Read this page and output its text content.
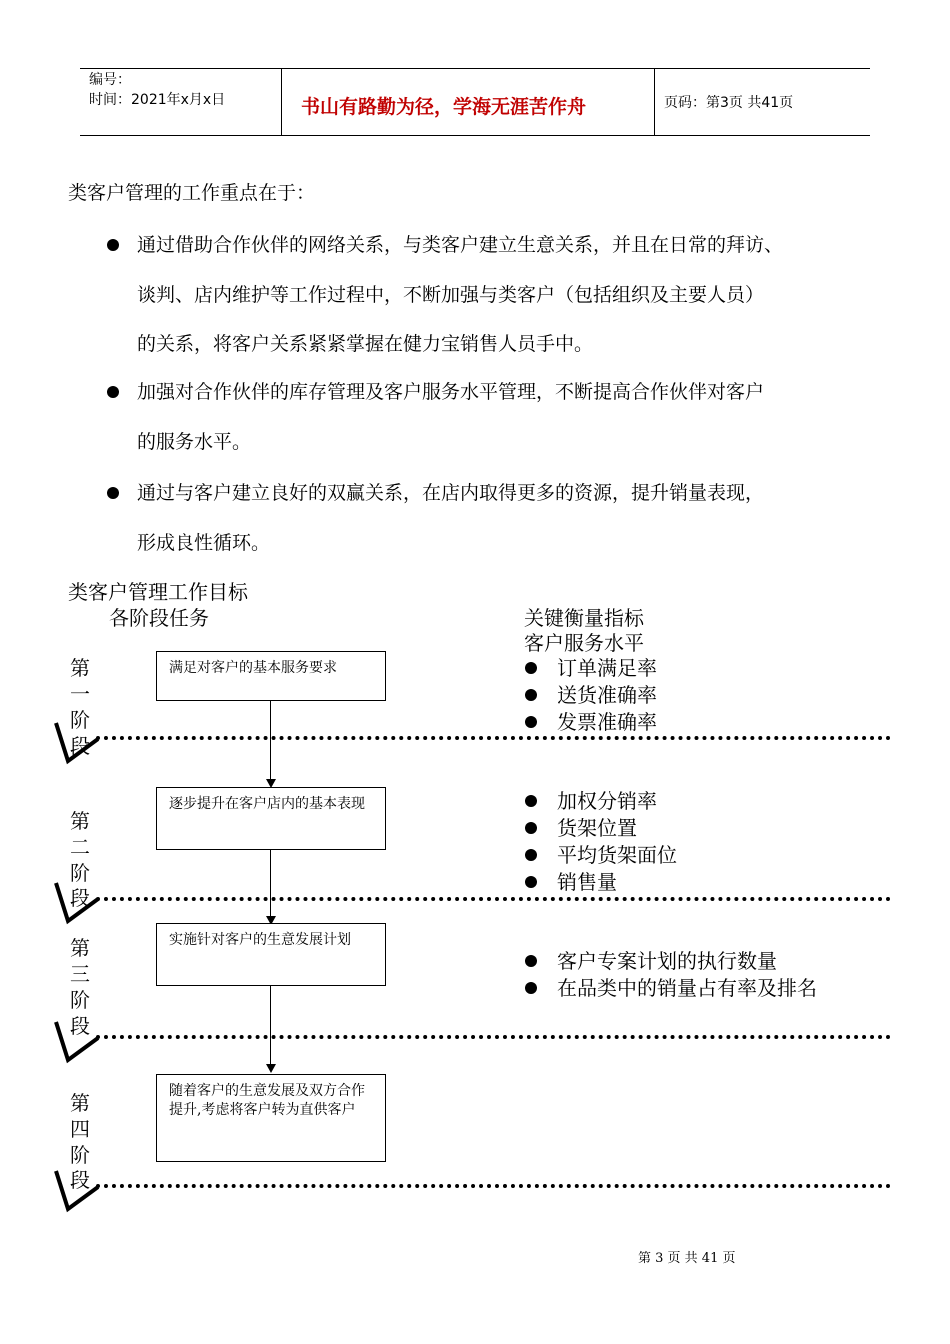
编号：
时间：2021年x月x日	书山有路勤为径，学海无涯苦作舟	页码：第3页 共41页
类客户管理的工作重点在于：
通过借助合作伙伴的网络关系，与类客户建立生意关系，并且在日常的拜访、
谈判、店内维护等工作过程中，不断加强与类客户（包括组织及主要人员）
的关系，将客户关系紧紧掌握在健力宝销售人员手中。
加强对合作伙伴的库存管理及客户服务水平管理，不断提高合作伙伴对客户
的服务水平。
通过与客户建立良好的双赢关系，在店内取得更多的资源，提升销量表现，
形成良性循环。
类客户管理工作目标
各阶段任务	关键衡量指标
客户服务水平
第
一
阶
段
满足对客户的基本服务要求	订单满足率
送货准确率
发票准确率
第
二
阶
段
逐步提升在客户店内的基本表现	加权分销率
货架位置
平均货架面位
销售量
第
三
阶
段
实施针对客户的生意发展计划
客户专案计划的执行数量
在品类中的销量占有率及排名
第
四
阶
段
随着客户的生意发展及双方合作提升,考虑将客户转为直供客户
第 3 页 共 41 页
